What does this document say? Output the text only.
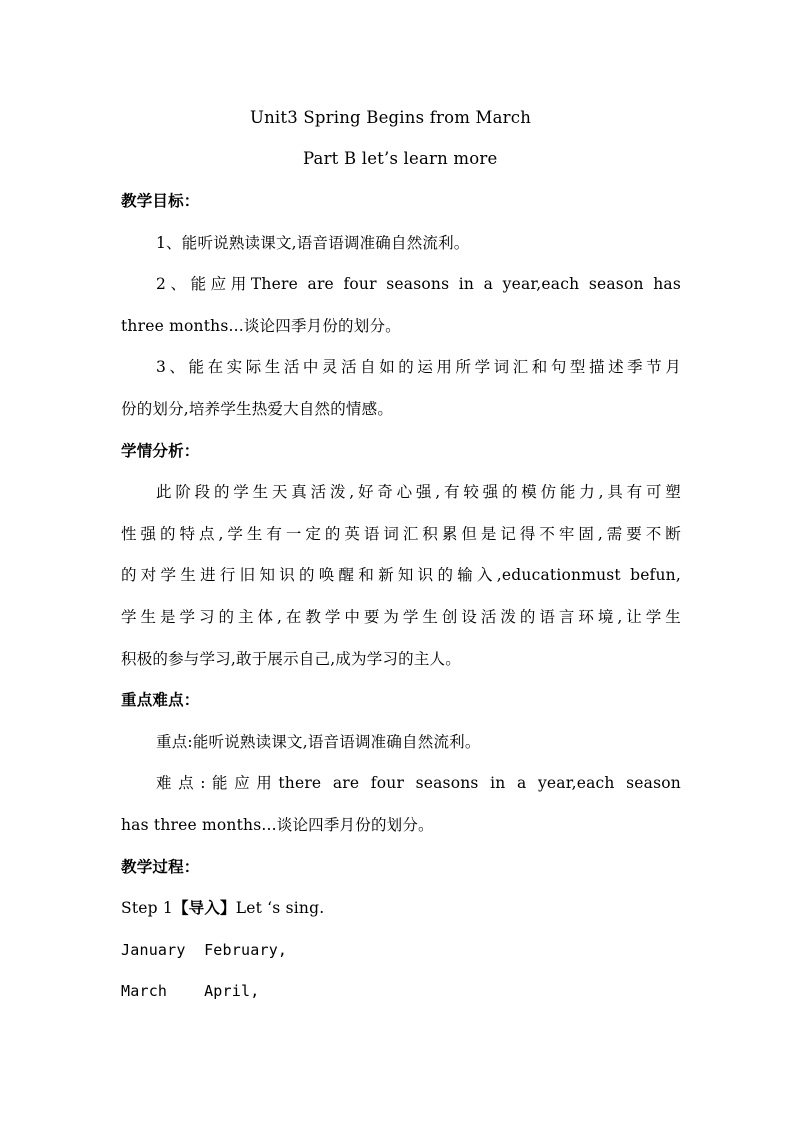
Unit3 Spring Begins from March
Part B let’s learn more
教学目标：
1、能听说熟读课文,语音语调准确自然流利。
2、能应用There are four seasons in a year,each season has
three months...谈论四季月份的划分。
3、能在实际生活中灵活自如的运用所学词汇和句型描述季节月
份的划分,培养学生热爱大自然的情感。
学情分析：
此阶段的学生天真活泼,好奇心强,有较强的模仿能力,具有可塑
性强的特点,学生有一定的英语词汇积累但是记得不牢固,需要不断
的对学生进行旧知识的唤醒和新知识的输入,educationmust befun,
学生是学习的主体,在教学中要为学生创设活泼的语言环境,让学生
积极的参与学习,敢于展示自己,成为学习的主人。
重点难点：
重点:能听说熟读课文,语音语调准确自然流利。
难点:能应用there are four seasons in a year,each season
has three months...谈论四季月份的划分。
教学过程：
Step 1【导入】Let ‘s sing.
January  February,
March    April,
